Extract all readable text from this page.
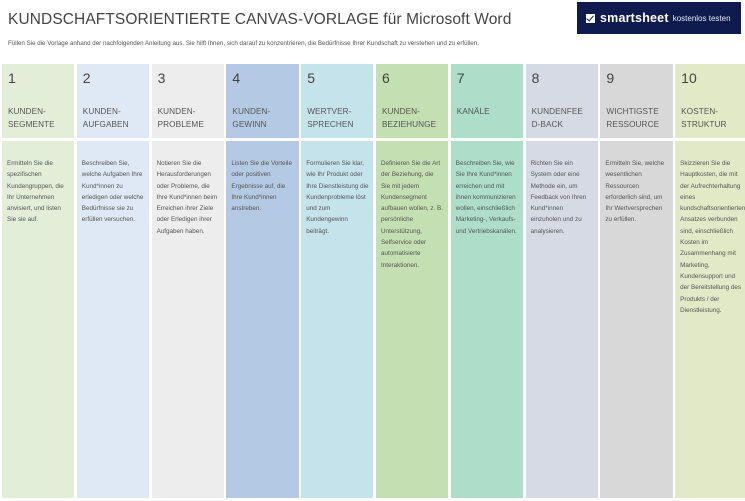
KUNDSCHAFTSORIENTIERTE CANVAS-VORLAGE für Microsoft Word

Füllen Sie die Vorlage anhand der nachfolgenden Anleitung aus. Sie hilft Ihnen, sich darauf zu konzentrieren, die Bedürfnisse Ihrer Kundschaft zu verstehen und zu erfüllen.

smartsheet kostenlos testen
1
KUNDEN-
SEGMENTE
Ermitteln Sie die spezifischen Kundengruppen, die Ihr Unternehmen anvisiert, und listen Sie sie auf.
2
KUNDEN-
AUFGABEN
Beschreiben Sie, welche Aufgaben Ihre Kund*innen zu erledigen oder welche Bedürfnisse sie zu erfüllen versuchen.
3
KUNDEN-
PROBLEME
Notieren Sie die Herausforderungen oder Probleme, die Ihre Kund*innen beim Erreichen ihrer Ziele oder Erledigen ihrer Aufgaben haben.
4
KUNDEN-
GEWINN
Listen Sie die Vorteile oder positiven Ergebnisse auf, die Ihre Kund*innen anstreben.
5
WERTVER-
SPRECHEN
Formulieren Sie klar, wie Ihr Produkt oder Ihre Dienstleistung die Kundenprobleme löst und zum Kundengewinn beiträgt.
6
KUNDEN-
BEZIEHUNGE
Definieren Sie die Art der Beziehung, die Sie mit jedem Kundensegment aufbauen wollen, z. B. persönliche Unterstützung, Selfservice oder automatisierte Interaktionen.
7
KANÄLE
Beschreiben Sie, wie Sie Ihre Kund*innen erreichen und mit ihnen kommunizieren wollen, einschließlich Marketing-, Verkaufs- und Vertriebskanälen.
8
KUNDENFEE
D-BACK
Richten Sie ein System oder eine Methode ein, um Feedback von Ihren Kund*innen einzuholen und zu analysieren.
9
WICHTIGSTE
RESSOURCE
Ermitteln Sie, welche wesentlichen Ressourcen erforderlich sind, um Ihr Wertversprechen zu erfüllen.
10
KOSTEN-
STRUKTUR
Skizzieren Sie die Hauptkosten, die mit der Aufrechterhaltung eines kundschaftsorientierten Ansatzes verbunden sind, einschließlich Kosten im Zusammenhang mit Marketing, Kundensupport und der Bereitstellung des Produkts / der Dienstleistung.
